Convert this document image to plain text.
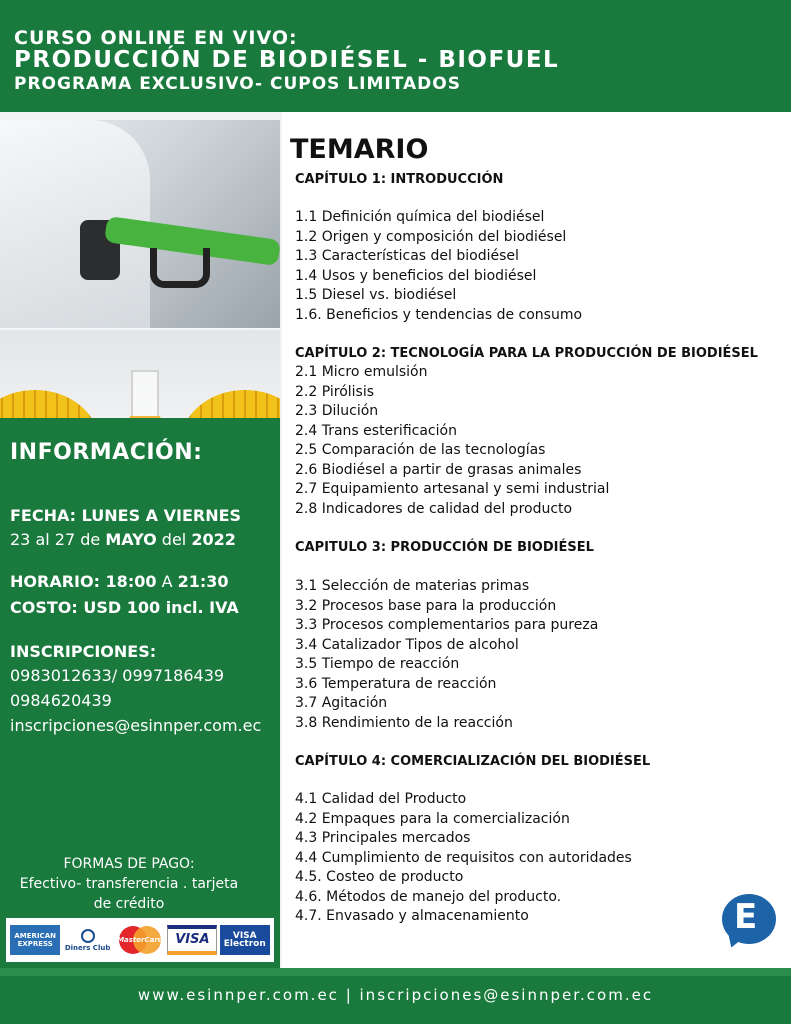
CURSO ONLINE EN VIVO:
PRODUCCIÓN DE BIODIÉSEL - BIOFUEL
PROGRAMA EXCLUSIVO- CUPOS LIMITADOS
INFORMACIÓN:
FECHA: LUNES A VIERNES
23 al 27 de MAYO del 2022
HORARIO: 18:00 A 21:30
COSTO: USD 100 incl. IVA
INSCRIPCIONES:
0983012633/ 0997186439
0984620439
inscripciones@esinnper.com.ec
FORMAS DE PAGO:
Efectivo- transferencia . tarjeta
de crédito
AMERICAN EXPRESS	Diners Club
MasterCard VISA	VISA
Electron
TEMARIO
CAPÍTULO 1: INTRODUCCIÓN
1.1 Definición química del biodiésel
1.2 Origen y composición del biodiésel
1.3 Características del biodiésel
1.4 Usos y beneficios del biodiésel
1.5 Diesel vs. biodiésel
1.6. Beneficios y tendencias de consumo
CAPÍTULO 2: TECNOLOGÍA PARA LA PRODUCCIÓN DE BIODIÉSEL
2.1 Micro emulsión
2.2 Pirólisis
2.3 Dilución
2.4 Trans esterificación
2.5 Comparación de las tecnologías
2.6 Biodiésel a partir de grasas animales
2.7 Equipamiento artesanal y semi industrial
2.8 Indicadores de calidad del producto
CAPITULO 3: PRODUCCIÓN DE BIODIÉSEL
3.1 Selección de materias primas
3.2 Procesos base para la producción
3.3 Procesos complementarios para pureza
3.4 Catalizador Tipos de alcohol
3.5 Tiempo de reacción
3.6 Temperatura de reacción
3.7 Agitación
3.8 Rendimiento de la reacción
CAPÍTULO 4: COMERCIALIZACIÓN DEL BIODIÉSEL
4.1 Calidad del Producto
4.2 Empaques para la comercialización
4.3 Principales mercados
4.4 Cumplimiento de requisitos con autoridades
4.5. Costeo de producto
4.6. Métodos de manejo del producto.
4.7. Envasado y almacenamiento	E
www.esinnper.com.ec | inscripciones@esinnper.com.ec
